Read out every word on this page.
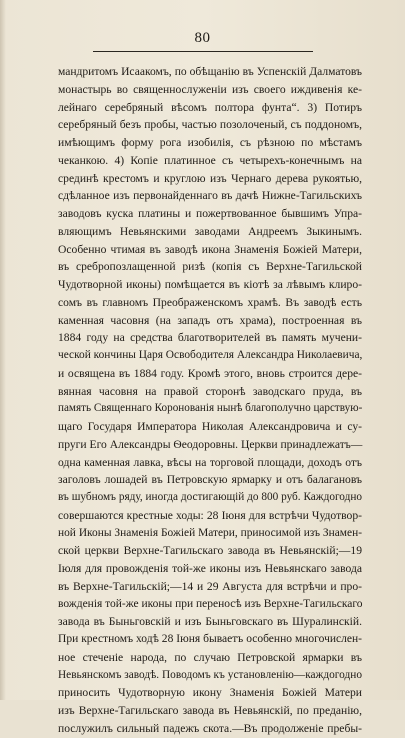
80
мандритомъ Исаакомъ, по обѣщанію въ Успенскій Далматовъ
монастырь во священнослуженіи изъ своего иждивенія ке-
лейнаго серебряный вѣсомъ полтора фунта“. 3) Потиръ
серебряный безъ пробы, частью позолоченый, съ поддономъ,
имѣющимъ форму рога изобилія, съ рѣзною по мѣстамъ
чеканкою. 4) Копіе платинное съ четырехъ-конечнымъ на
срединѣ крестомъ и круглою изъ Чернаго дерева рукоятью,
сдѣланное изъ первонайденнаго въ дачѣ Нижне-Тагильскихъ
заводовъ куска платины и пожертвованное бывшимъ Упра-
вляющимъ Невьянскими заводами Андреемъ Зыкинымъ.
Особенно чтимая въ заводѣ икона Знаменія Божіей Матери,
въ сребропозлащенной ризѣ (копія съ Верхне-Тагильской
Чудотворной иконы) помѣщается въ кіотѣ за лѣвымъ клиро-
сомъ въ главномъ Преображенскомъ храмѣ. Въ заводѣ есть
каменная часовня (на западъ отъ храма), построенная въ
1884 году на средства благотворителей въ память мучени-
ческой кончины Царя Освободителя Александра Николаевича,
и освящена въ 1884 году. Кромѣ этого, вновь строится дере-
вянная часовня на правой сторонѣ заводскаго пруда, въ
память Священнаго Коронованія нынѣ благополучно царствую-
щаго Государя Императора Николая Александровича и су-
пруги Его Александры Ѳеодоровны. Церкви принадлежатъ—
одна каменная лавка, вѣсы на торговой площади, доходъ отъ
заголовъ лошадей въ Петровскую ярмарку и отъ балагановъ
въ шубномъ ряду, иногда достигающій до 800 руб. Каждогодно
совершаются крестные ходы: 28 Іюня для встрѣчи Чудотвор-
ной Иконы Знаменія Божіей Матери, приносимой изъ Знамен-
ской церкви Верхне-Тагильскаго завода въ Невьянскій;—19
Іюля для провожденія той-же иконы изъ Невьянскаго завода
въ Верхне-Тагильскій;—14 и 29 Августа для встрѣчи и про-
вожденія той-же иконы при переносѣ изъ Верхне-Тагильскаго
завода въ Быньговскій и изъ Быньговскаго въ Шуралинскій.
При крестномъ ходѣ 28 Іюня бываетъ особенно многочислен-
ное стеченіе народа, по случаю Петровской ярмарки въ
Невьянскомъ заводѣ. Поводомъ къ установленію—каждогодно
приносить Чудотворную икону Знаменія Божіей Матери
изъ Верхне-Тагильскаго завода въ Невьянскій, по преданію,
послужилъ сильный падежъ скота.—Въ продолженіе пребы-
